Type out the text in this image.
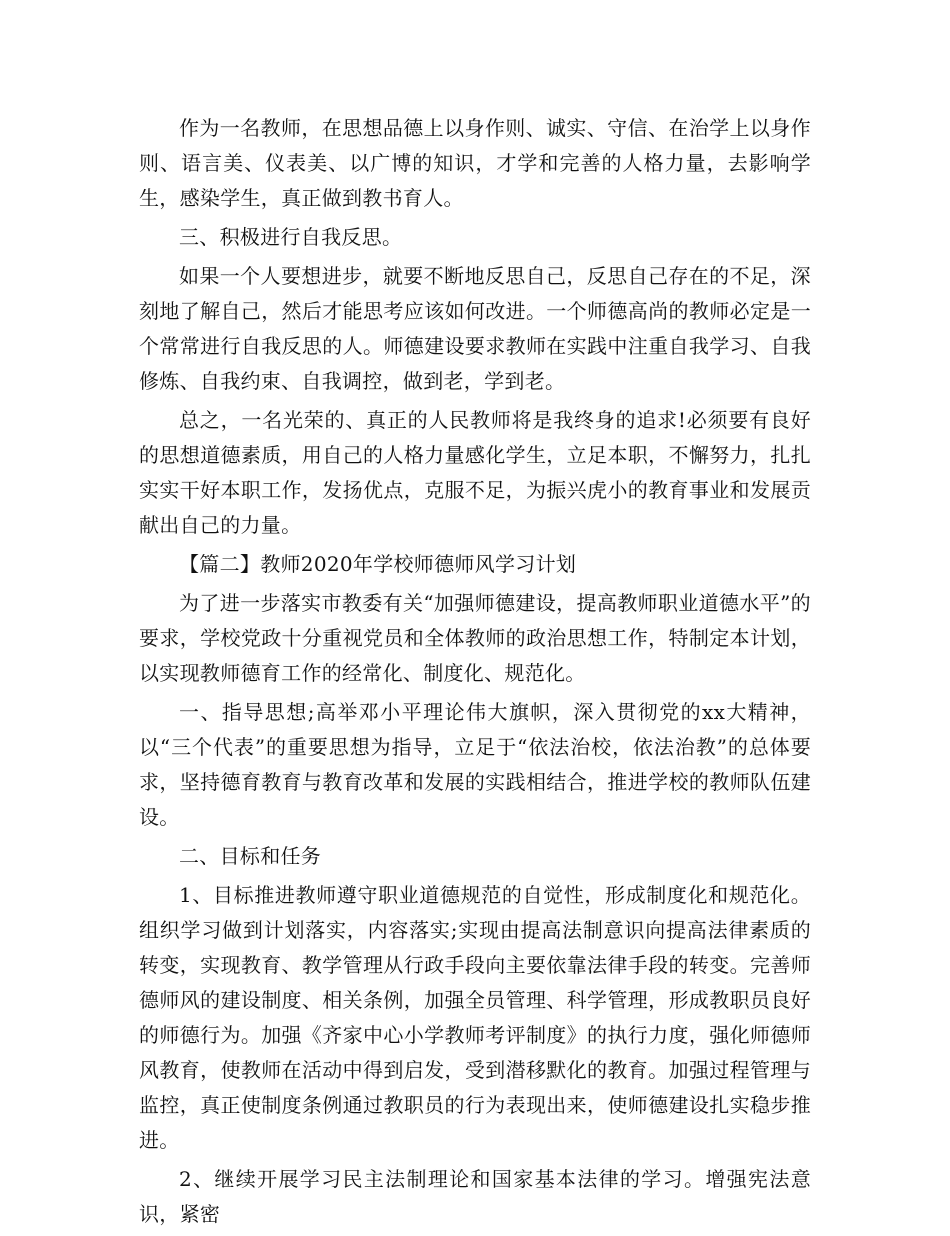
作为一名教师，在思想品德上以身作则、诚实、守信、在治学上以身作则、语言美、仪表美、以广博的知识，才学和完善的人格力量，去影响学生，感染学生，真正做到教书育人。

三、积极进行自我反思。

如果一个人要想进步，就要不断地反思自己，反思自己存在的不足，深刻地了解自己，然后才能思考应该如何改进。一个师德高尚的教师必定是一个常常进行自我反思的人。师德建设要求教师在实践中注重自我学习、自我修炼、自我约束、自我调控，做到老，学到老。

总之，一名光荣的、真正的人民教师将是我终身的追求!必须要有良好的思想道德素质，用自己的人格力量感化学生，立足本职，不懈努力，扎扎实实干好本职工作，发扬优点，克服不足，为振兴虎小的教育事业和发展贡献出自己的力量。

【篇二】教师2020年学校师德师风学习计划

为了进一步落实市教委有关“加强师德建设，提高教师职业道德水平”的要求，学校党政十分重视党员和全体教师的政治思想工作，特制定本计划，以实现教师德育工作的经常化、制度化、规范化。

一、指导思想;高举邓小平理论伟大旗帜，深入贯彻党的xx大精神，以“三个代表”的重要思想为指导，立足于“依法治校，依法治教”的总体要求，坚持德育教育与教育改革和发展的实践相结合，推进学校的教师队伍建设。

二、目标和任务

1、目标推进教师遵守职业道德规范的自觉性，形成制度化和规范化。组织学习做到计划落实，内容落实;实现由提高法制意识向提高法律素质的转变，实现教育、教学管理从行政手段向主要依靠法律手段的转变。完善师德师风的建设制度、相关条例，加强全员管理、科学管理，形成教职员良好的师德行为。加强《齐家中心小学教师考评制度》的执行力度，强化师德师风教育，使教师在活动中得到启发，受到潜移默化的教育。加强过程管理与监控，真正使制度条例通过教职员的行为表现出来，使师德建设扎实稳步推进。

2、继续开展学习民主法制理论和国家基本法律的学习。增强宪法意识，紧密
